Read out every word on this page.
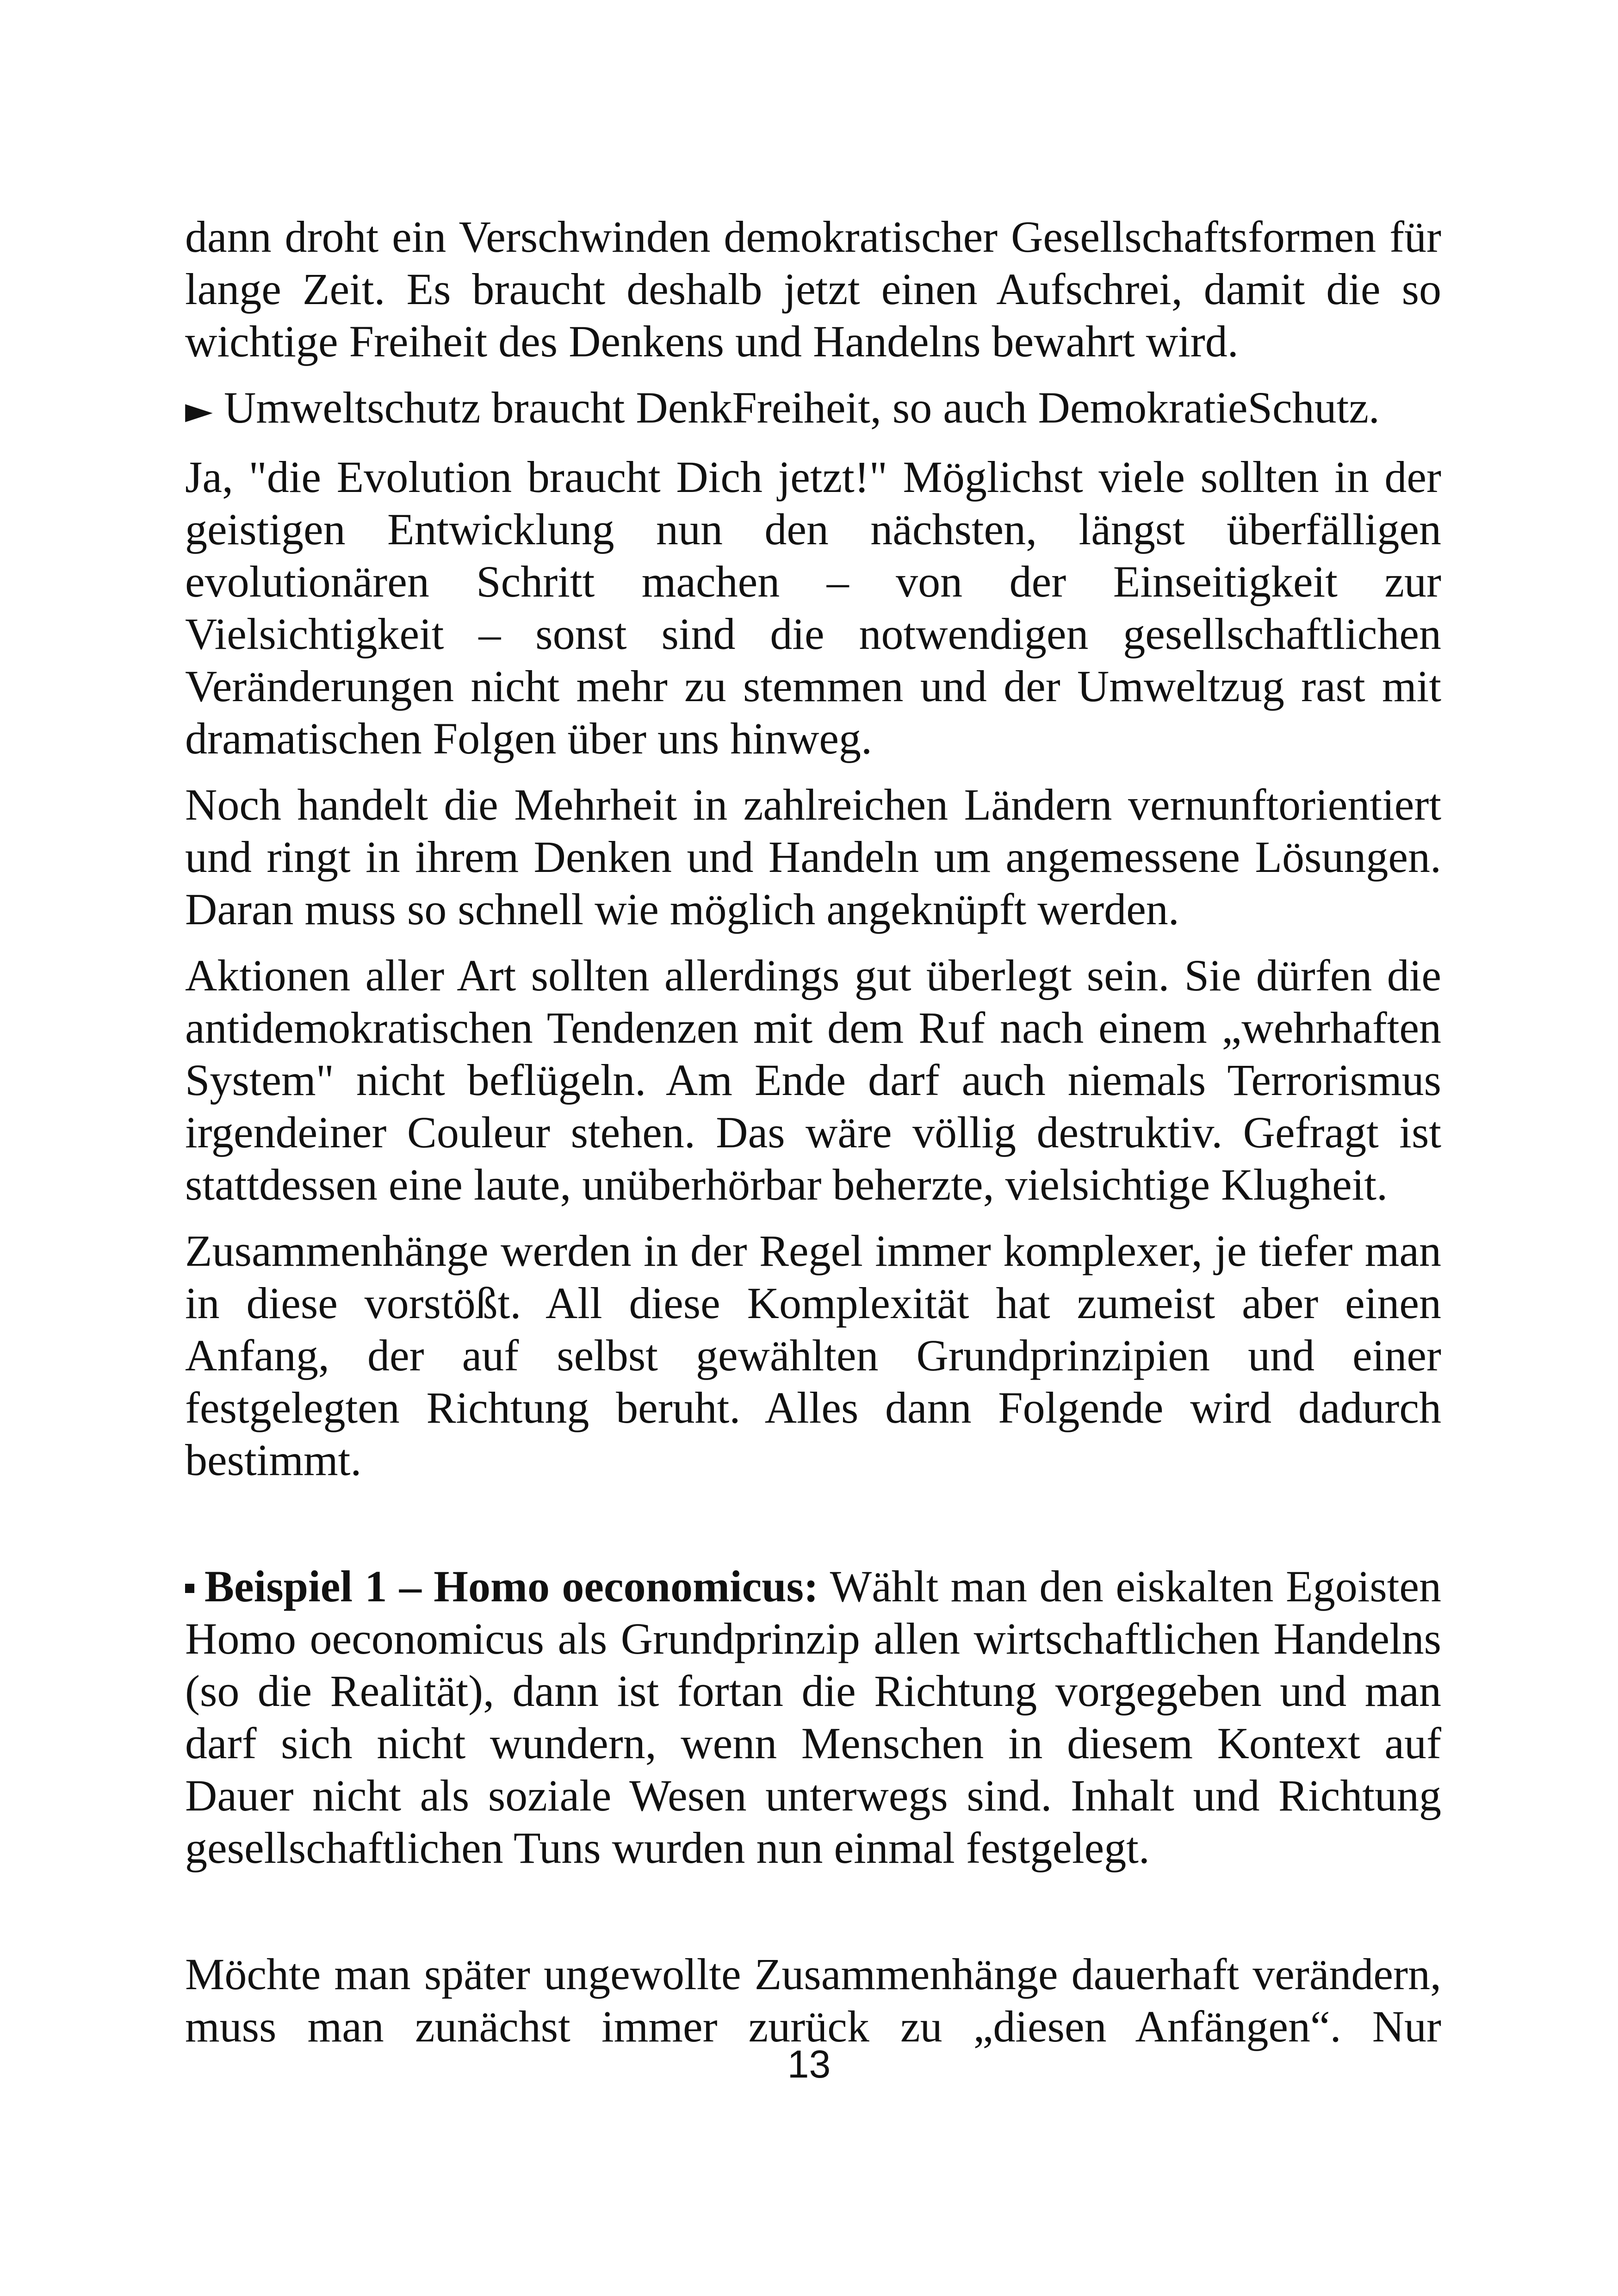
dann droht ein Verschwinden demokratischer Gesellschaftsformen für lange Zeit. Es braucht deshalb jetzt einen Aufschrei, damit die so wichtige Freiheit des Denkens und Handelns bewahrt wird.

► Umweltschutz braucht DenkFreiheit, so auch DemokratieSchutz.

Ja, "die Evolution braucht Dich jetzt!" Möglichst viele sollten in der geistigen Entwicklung nun den nächsten, längst überfälligen evolutionären Schritt machen – von der Einseitigkeit zur Vielsichtigkeit – sonst sind die notwendigen gesellschaftlichen Veränderungen nicht mehr zu stemmen und der Umweltzug rast mit dramatischen Folgen über uns hinweg.

Noch handelt die Mehrheit in zahlreichen Ländern vernunftorientiert und ringt in ihrem Denken und Handeln um angemessene Lösungen. Daran muss so schnell wie möglich angeknüpft werden.

Aktionen aller Art sollten allerdings gut überlegt sein. Sie dürfen die antidemokratischen Tendenzen mit dem Ruf nach einem „wehrhaften System" nicht beflügeln. Am Ende darf auch niemals Terrorismus irgendeiner Couleur stehen. Das wäre völlig destruktiv. Gefragt ist stattdessen eine laute, unüberhörbar beherzte, vielsichtige Klugheit.

Zusammenhänge werden in der Regel immer komplexer, je tiefer man in diese vorstößt. All diese Komplexität hat zumeist aber einen Anfang, der auf selbst gewählten Grundprinzipien und einer festgelegten Richtung beruht. Alles dann Folgende wird dadurch bestimmt.

Beispiel 1 – Homo oeconomicus: Wählt man den eiskalten Egoisten Homo oeconomicus als Grundprinzip allen wirtschaftlichen Handelns (so die Realität), dann ist fortan die Richtung vorgegeben und man darf sich nicht wundern, wenn Menschen in diesem Kontext auf Dauer nicht als soziale Wesen unterwegs sind. Inhalt und Richtung gesellschaftlichen Tuns wurden nun einmal festgelegt.

Möchte man später ungewollte Zusammenhänge dauerhaft verändern, muss man zunächst immer zurück zu „diesen Anfängen“. Nur

13
